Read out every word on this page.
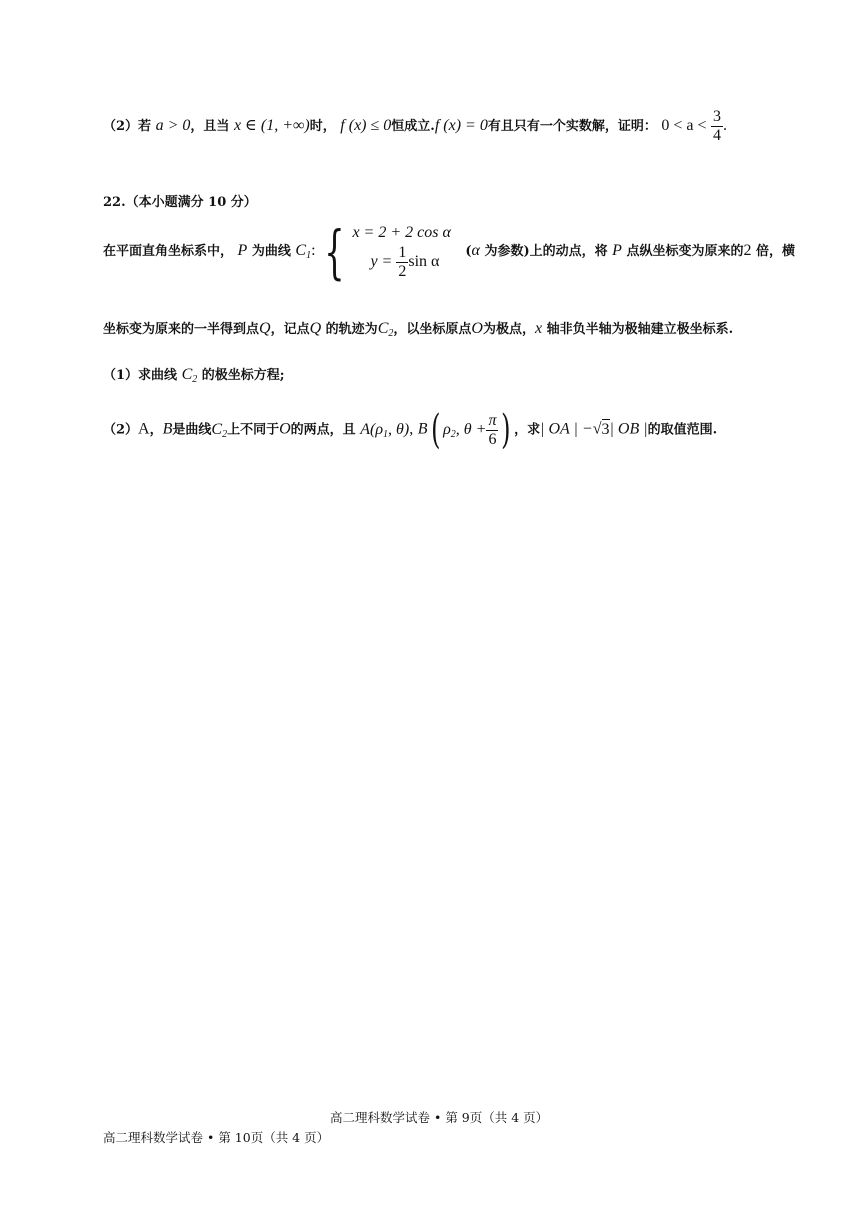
（2）若 a > 0，且当 x ∈ (1, +∞)时， f (x) ≤ 0恒成立.f (x) = 0有且只有一个实数解，证明： $0 < a < \frac{3}{4}$ .
22.（本小题满分 10 分）
在平面直角坐标系中， P 为曲线 $C_1$: { x = 2 + 2 cos α
$y = \frac{1}{2}$ sin α
(α 为参数)上的动点，将 P 点纵坐标变为原来的2 倍，横
坐标变为原来的一半得到点Q，记点Q 的轨迹为$C_2$，以坐标原点O为极点，x 轴非负半轴为极轴建立极坐标系.
（1）求曲线 $C_2$ 的极坐标方程;
（2）A，B是曲线$C_2$上不同于O的两点，且 $A(\rho_1$, θ), B( $\rho_2$, $\theta + \frac{\pi}{6}$ ) ，求| OA | −√3| OB |的取值范围.
高二理科数学试卷 • 第 9页（共 4 页）
高二理科数学试卷 • 第 10页（共 4 页）
